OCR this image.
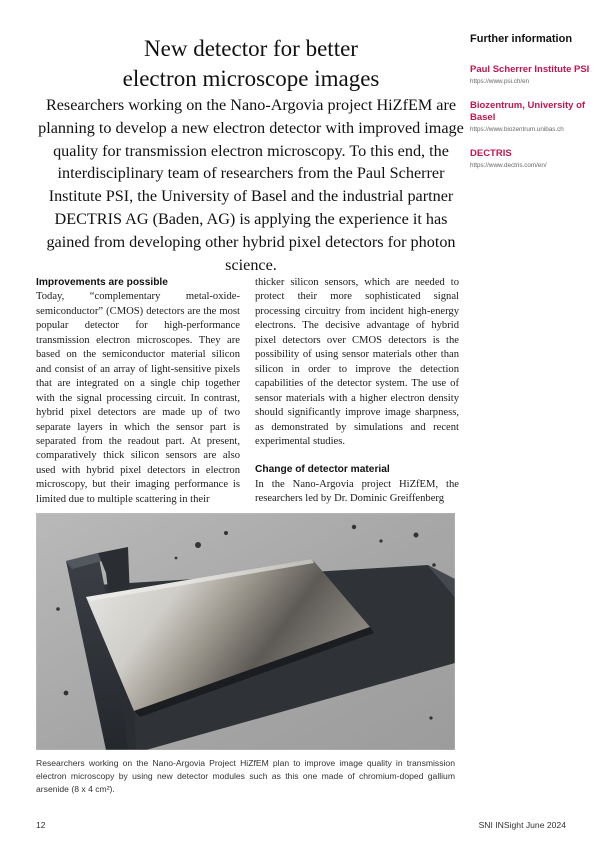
New detector for better
electron microscope images

Researchers working on the Nano-Argovia project HiZfEM are planning to develop a new electron detector with improved image quality for transmission electron microscopy. To this end, the interdisciplinary team of researchers from the Paul Scherrer Institute PSI, the University of Basel and the industrial partner DECTRIS AG (Baden, AG) is applying the experience it has gained from developing other hybrid pixel detectors for photon science.

Further information
Paul Scherrer Institute PSI
https://www.psi.ch/en
Biozentrum, University of Basel
https://www.biozentrum.unibas.ch
DECTRIS
https://www.dectris.com/en/
Improvements are possible

Today, “complementary metal-oxide-semiconductor” (CMOS) detectors are the most popular detector for high-performance transmission electron microscopes. They are based on the semiconductor material silicon and consist of an array of light-sensitive pixels that are integrated on a single chip together with the signal processing circuit. In contrast, hybrid pixel detectors are made up of two separate layers in which the sensor part is separated from the readout part. At present, comparatively thick silicon sensors are also used with hybrid pixel detectors in electron microscopy, but their imaging performance is limited due to multiple scattering in their

thicker silicon sensors, which are needed to protect their more sophisticated signal processing circuitry from incident high-energy electrons. The decisive advantage of hybrid pixel detectors over CMOS detectors is the possibility of using sensor materials other than silicon in order to improve the detection capabilities of the detector system. The use of sensor materials with a higher electron density should significantly improve image sharpness, as demonstrated by simulations and recent experimental studies.

Change of detector material

In the Nano-Argovia project HiZfEM, the researchers led by Dr. Dominic Greiffenberg

Researchers working on the Nano-Argovia Project HiZfEM plan to improve image quality in transmission electron microscopy by using new detector modules such as this one made of chromium-doped gallium arsenide (8 x 4 cm²).

12	SNI INSight June 2024
